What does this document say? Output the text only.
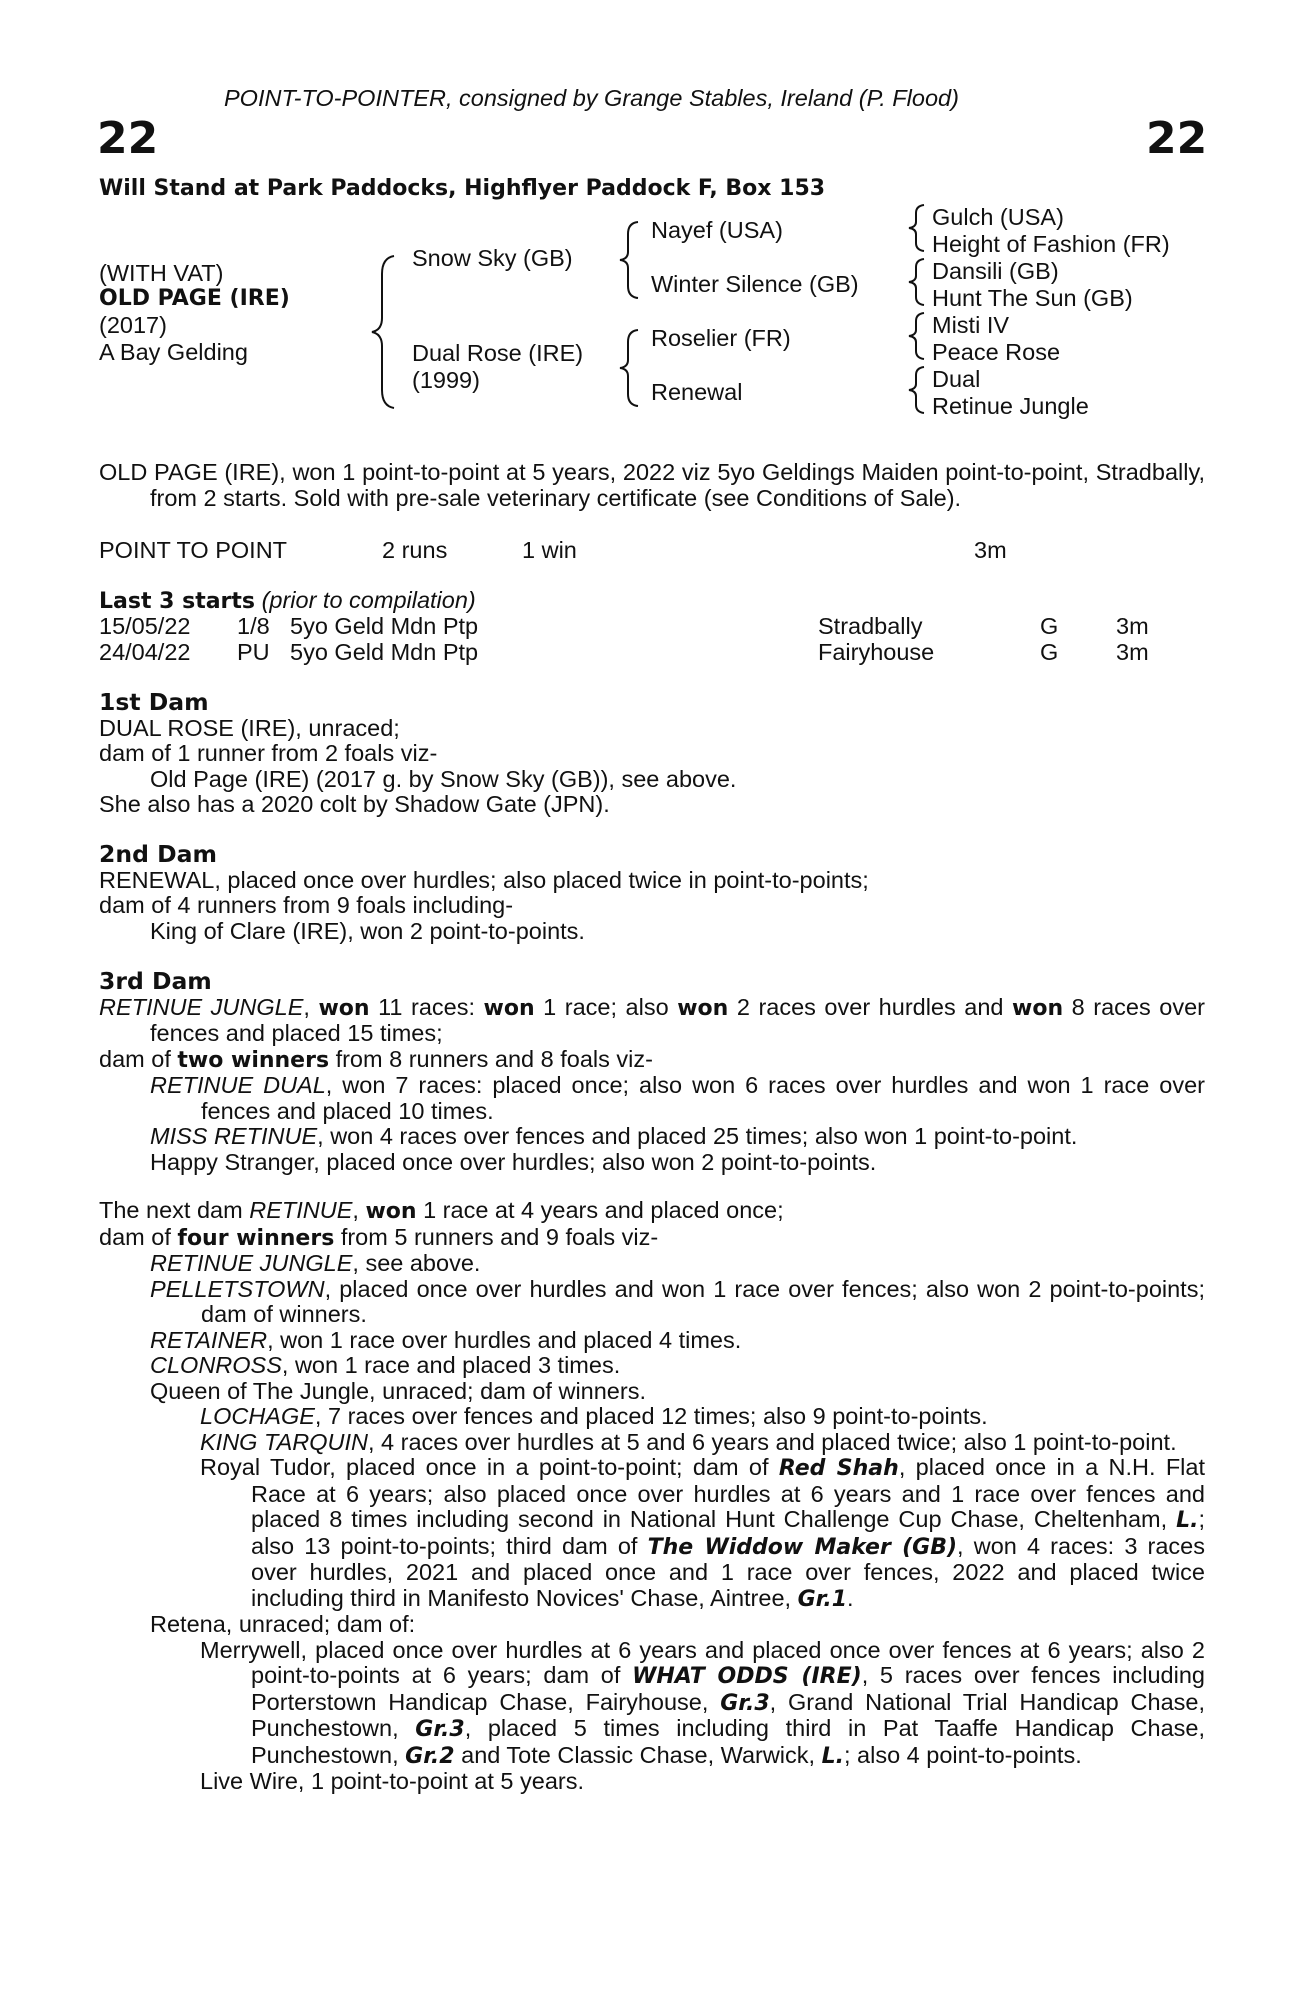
POINT-TO-POINTER, consigned by Grange Stables, Ireland (P. Flood)
22	22
Will Stand at Park Paddocks, Highflyer Paddock F, Box 153
(WITH VAT)
OLD PAGE (IRE)
(2017)
A Bay Gelding
Snow Sky (GB)
Dual Rose (IRE)
(1999)
Nayef (USA)
Winter Silence (GB)
Roselier (FR)
Renewal
Gulch (USA)
Height of Fashion (FR)
Dansili (GB)
Hunt The Sun (GB)
Misti IV
Peace Rose
Dual
Retinue Jungle

OLD PAGE (IRE), won 1 point-to-point at 5 years, 2022 viz 5yo Geldings Maiden point-to-point, Stradbally, from 2 starts. Sold with pre-sale veterinary certificate (see Conditions of Sale).

POINT TO POINT	2 runs	1 win	3m
Last 3 starts (prior to compilation)
15/05/22 1/8 5yo Geld Mdn Ptp	Stradbally	G 3m
24/04/22 PU 5yo Geld Mdn Ptp	Fairyhouse	G 3m

1st Dam

DUAL ROSE (IRE), unraced;

dam of 1 runner from 2 foals viz-

Old Page (IRE) (2017 g. by Snow Sky (GB)), see above.

She also has a 2020 colt by Shadow Gate (JPN).

2nd Dam

RENEWAL, placed once over hurdles; also placed twice in point-to-points;

dam of 4 runners from 9 foals including-

King of Clare (IRE), won 2 point-to-points.

3rd Dam

RETINUE JUNGLE, won 11 races: won 1 race; also won 2 races over hurdles and won 8 races over fences and placed 15 times;

dam of two winners from 8 runners and 8 foals viz-

RETINUE DUAL, won 7 races: placed once; also won 6 races over hurdles and won 1 race over fences and placed 10 times.

MISS RETINUE, won 4 races over fences and placed 25 times; also won 1 point-to-point.

Happy Stranger, placed once over hurdles; also won 2 point-to-points.

The next dam RETINUE, won 1 race at 4 years and placed once;

dam of four winners from 5 runners and 9 foals viz-

RETINUE JUNGLE, see above.

PELLETSTOWN, placed once over hurdles and won 1 race over fences; also won 2 point-to-points; dam of winners.

RETAINER, won 1 race over hurdles and placed 4 times.

CLONROSS, won 1 race and placed 3 times.

Queen of The Jungle, unraced; dam of winners.

LOCHAGE, 7 races over fences and placed 12 times; also 9 point-to-points.

KING TARQUIN, 4 races over hurdles at 5 and 6 years and placed twice; also 1 point-to-point.

Royal Tudor, placed once in a point-to-point; dam of Red Shah, placed once in a N.H. Flat Race at 6 years; also placed once over hurdles at 6 years and 1 race over fences and placed 8 times including second in National Hunt Challenge Cup Chase, Cheltenham, L.; also 13 point-to-points; third dam of The Widdow Maker (GB), won 4 races: 3 races over hurdles, 2021 and placed once and 1 race over fences, 2022 and placed twice including third in Manifesto Novices' Chase, Aintree, Gr.1.

Retena, unraced; dam of:

Merrywell, placed once over hurdles at 6 years and placed once over fences at 6 years; also 2 point-to-points at 6 years; dam of WHAT ODDS (IRE), 5 races over fences including Porterstown Handicap Chase, Fairyhouse, Gr.3, Grand National Trial Handicap Chase, Punchestown, Gr.3, placed 5 times including third in Pat Taaffe Handicap Chase, Punchestown, Gr.2 and Tote Classic Chase, Warwick, L.; also 4 point-to-points.

Live Wire, 1 point-to-point at 5 years.
